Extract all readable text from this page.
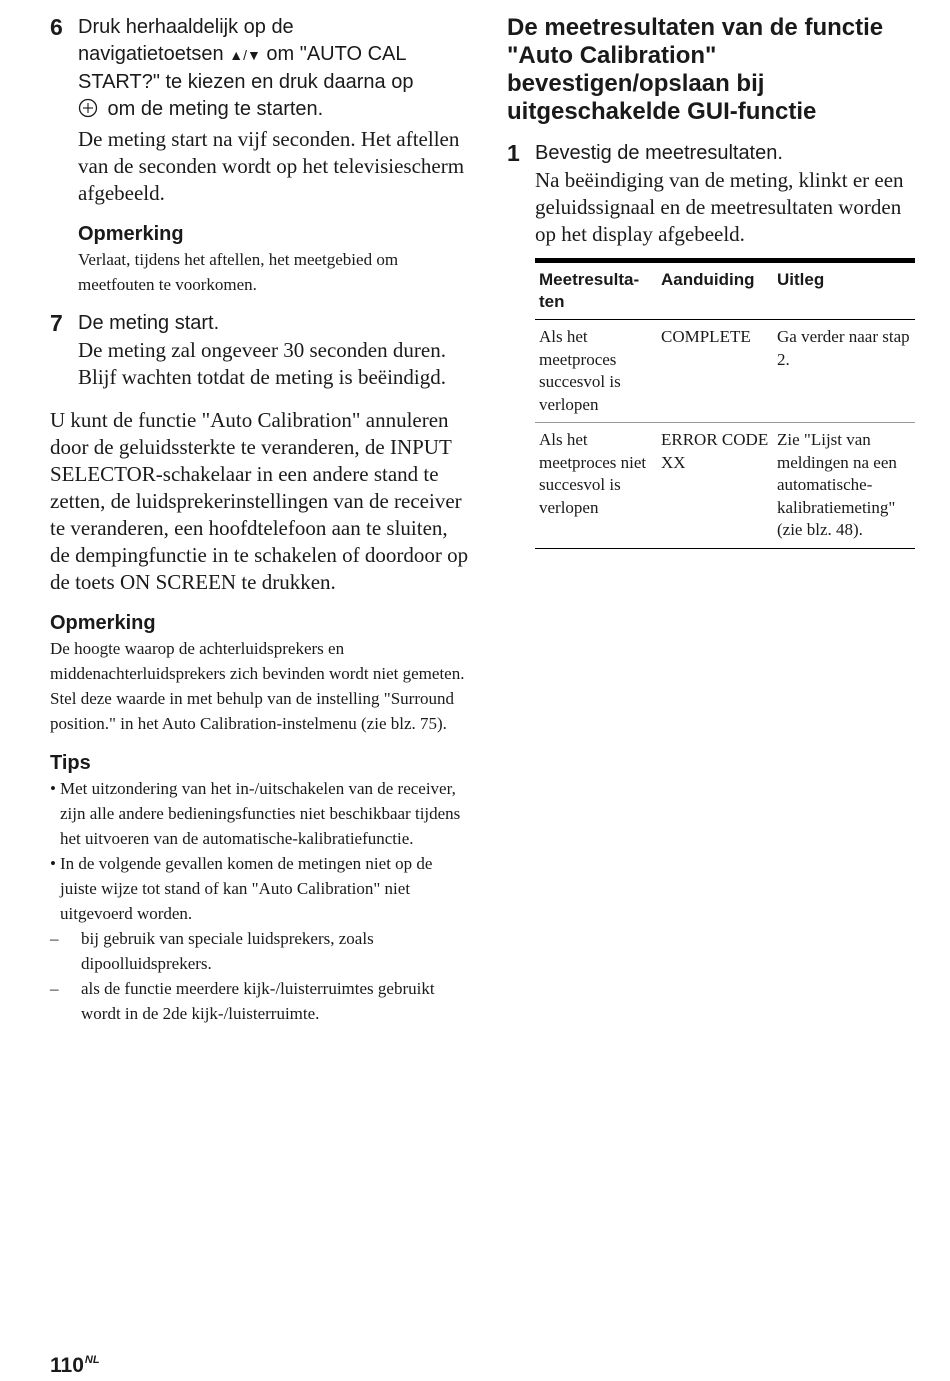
6 Druk herhaaldelijk op de
navigatietoetsen ▲/▼ om "AUTO CAL
START?" te kiezen en druk daarna op
om de meting te starten.

De meting start na vijf seconden. Het aftellen van de seconden wordt op het televisiescherm afgebeeld.

Opmerking

Verlaat, tijdens het aftellen, het meetgebied om meetfouten te voorkomen.

7 De meting start.

De meting zal ongeveer 30 seconden duren. Blijf wachten totdat de meting is beëindigd.

U kunt de functie "Auto Calibration" annuleren door de geluidssterkte te veranderen, de INPUT SELECTOR-schakelaar in een andere stand te zetten, de luidsprekerinstellingen van de receiver te veranderen, een hoofdtelefoon aan te sluiten, de dempingfunctie in te schakelen of doordoor op de toets ON SCREEN te drukken.

Opmerking

De hoogte waarop de achterluidsprekers en middenachterluidsprekers zich bevinden wordt niet gemeten.

Stel deze waarde in met behulp van de instelling "Surround position." in het Auto Calibration-instelmenu (zie blz. 75).

Tips

• Met uitzondering van het in-/uitschakelen van de receiver, zijn alle andere bedieningsfuncties niet beschikbaar tijdens het uitvoeren van de automatische-kalibratiefunctie.
• In de volgende gevallen komen de metingen niet op de juiste wijze tot stand of kan "Auto Calibration" niet uitgevoerd worden.
– bij gebruik van speciale luidsprekers, zoals dipoolluidsprekers.
– als de functie meerdere kijk-/luisterruimtes gebruikt wordt in de 2de kijk-/luisterruimte.
De meetresultaten van de functie "Auto Calibration" bevestigen/opslaan bij uitgeschakelde GUI-functie
1 Bevestig de meetresultaten.

Na beëindiging van de meting, klinkt er een geluidssignaal en de meetresultaten worden op het display afgebeeld.

Meetresulta-ten	Aanduiding	Uitleg
Als het meetproces succesvol is verlopen	COMPLETE	Ga verder naar stap 2.
Als het meetproces niet succesvol is verlopen	ERROR CODE XX	Zie "Lijst van meldingen na een automatische-kalibratiemeting" (zie blz. 48).
$110^{NL}$
